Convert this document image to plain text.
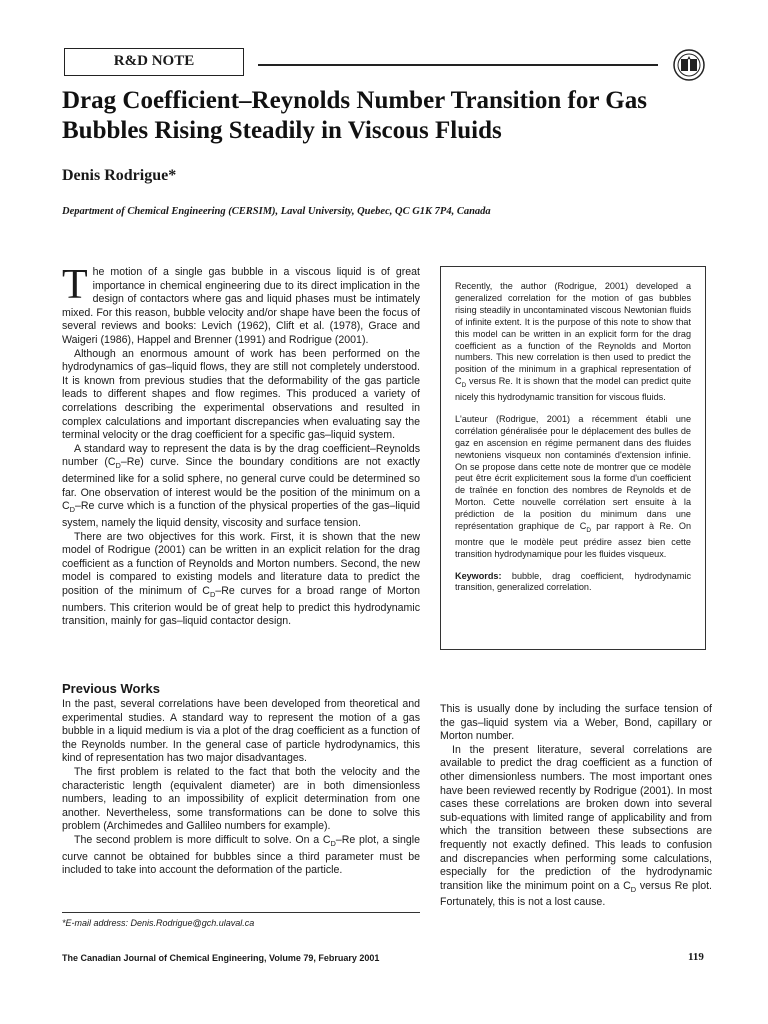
R&D NOTE
Drag Coefficient–Reynolds Number Transition for Gas Bubbles Rising Steadily in Viscous Fluids

Denis Rodrigue*

Department of Chemical Engineering (CERSIM), Laval University, Quebec, QC G1K 7P4, Canada

The motion of a single gas bubble in a viscous liquid is of great importance in chemical engineering due to its direct implication in the design of contactors where gas and liquid phases must be intimately mixed. For this reason, bubble velocity and/or shape have been the focus of several reviews and books: Levich (1962), Clift et al. (1978), Grace and Waigeri (1986), Happel and Brenner (1991) and Rodrigue (2001).

Although an enormous amount of work has been performed on the hydrodynamics of gas–liquid flows, they are still not completely understood. It is known from previous studies that the deformability of the gas particle leads to different shapes and flow regimes. This produced a variety of correlations describing the experimental observations and resulted in complex calculations and important discrepancies when evaluating say the terminal velocity or the drag coefficient for a specific gas–liquid system.

A standard way to represent the data is by the drag coefficient–Reynolds number $(C_D-Re)$ curve. Since the boundary conditions are not exactly determined like for a solid sphere, no general curve could be determined so far. One observation of interest would be the position of the minimum on a $C_D-Re$ curve which is a function of the physical properties of the gas–liquid system, namely the liquid density, viscosity and surface tension.

There are two objectives for this work. First, it is shown that the new model of Rodrigue (2001) can be written in an explicit relation for the drag coefficient as a function of Reynolds and Morton numbers. Second, the new model is compared to existing models and literature data to predict the position of the minimum of $C_D-Re$ curves for a broad range of Morton numbers. This criterion would be of great help to predict this hydrodynamic transition, mainly for gas–liquid contactor design.

Recently, the author (Rodrigue, 2001) developed a generalized correlation for the motion of gas bubbles rising steadily in uncontaminated viscous Newtonian fluids of infinite extent. It is the purpose of this note to show that this model can be written in an explicit form for the drag coefficient as a function of the Reynolds and Morton numbers. This new correlation is then used to predict the position of the minimum in a graphical representation of $C_D$ versus Re. It is shown that the model can predict quite nicely this hydrodynamic transition for viscous fluids.

L'auteur (Rodrigue, 2001) a récemment établi une corrélation généralisée pour le déplacement des bulles de gaz en ascension en régime permanent dans des fluides newtoniens visqueux non contaminés d'extension infinie. On se propose dans cette note de montrer que ce modèle peut être écrit explicitement sous la forme d'un coefficient de traînée en fonction des nombres de Reynolds et de Morton. Cette nouvelle corrélation sert ensuite à la prédiction de la position du minimum dans une représentation graphique de $C_D$ par rapport à Re. On montre que le modèle peut prédire assez bien cette transition hydrodynamique pour les fluides visqueux.

Keywords: bubble, drag coefficient, hydrodynamic transition, generalized correlation.

Previous Works

In the past, several correlations have been developed from theoretical and experimental studies. A standard way to represent the motion of a gas bubble in a liquid medium is via a plot of the drag coefficient as a function of the Reynolds number. In the general case of particle hydrodynamics, this kind of representation has two major disadvantages.

The first problem is related to the fact that both the velocity and the characteristic length (equivalent diameter) are in both dimensionless numbers, leading to an impossibility of explicit determination from one another. Nevertheless, some transformations can be done to solve this problem (Archimedes and Gallileo numbers for example).

The second problem is more difficult to solve. On a $C_D-Re$ plot, a single curve cannot be obtained for bubbles since a third parameter must be included to take into account the deformation of the particle.

This is usually done by including the surface tension of the gas–liquid system via a Weber, Bond, capillary or Morton number.

In the present literature, several correlations are available to predict the drag coefficient as a function of other dimensionless numbers. The most important ones have been reviewed recently by Rodrigue (2001). In most cases these correlations are broken down into several sub-equations with limited range of applicability and from which the transition between these subsections are frequently not exactly defined. This leads to confusion and discrepancies when performing some calculations, especially for the prediction of the hydrodynamic transition like the minimum point on a $C_D$ versus Re plot. Fortunately, this is not a lost cause.

*E-mail address: Denis.Rodrigue@gch.ulaval.ca

The Canadian Journal of Chemical Engineering, Volume 79, February 2001	119
